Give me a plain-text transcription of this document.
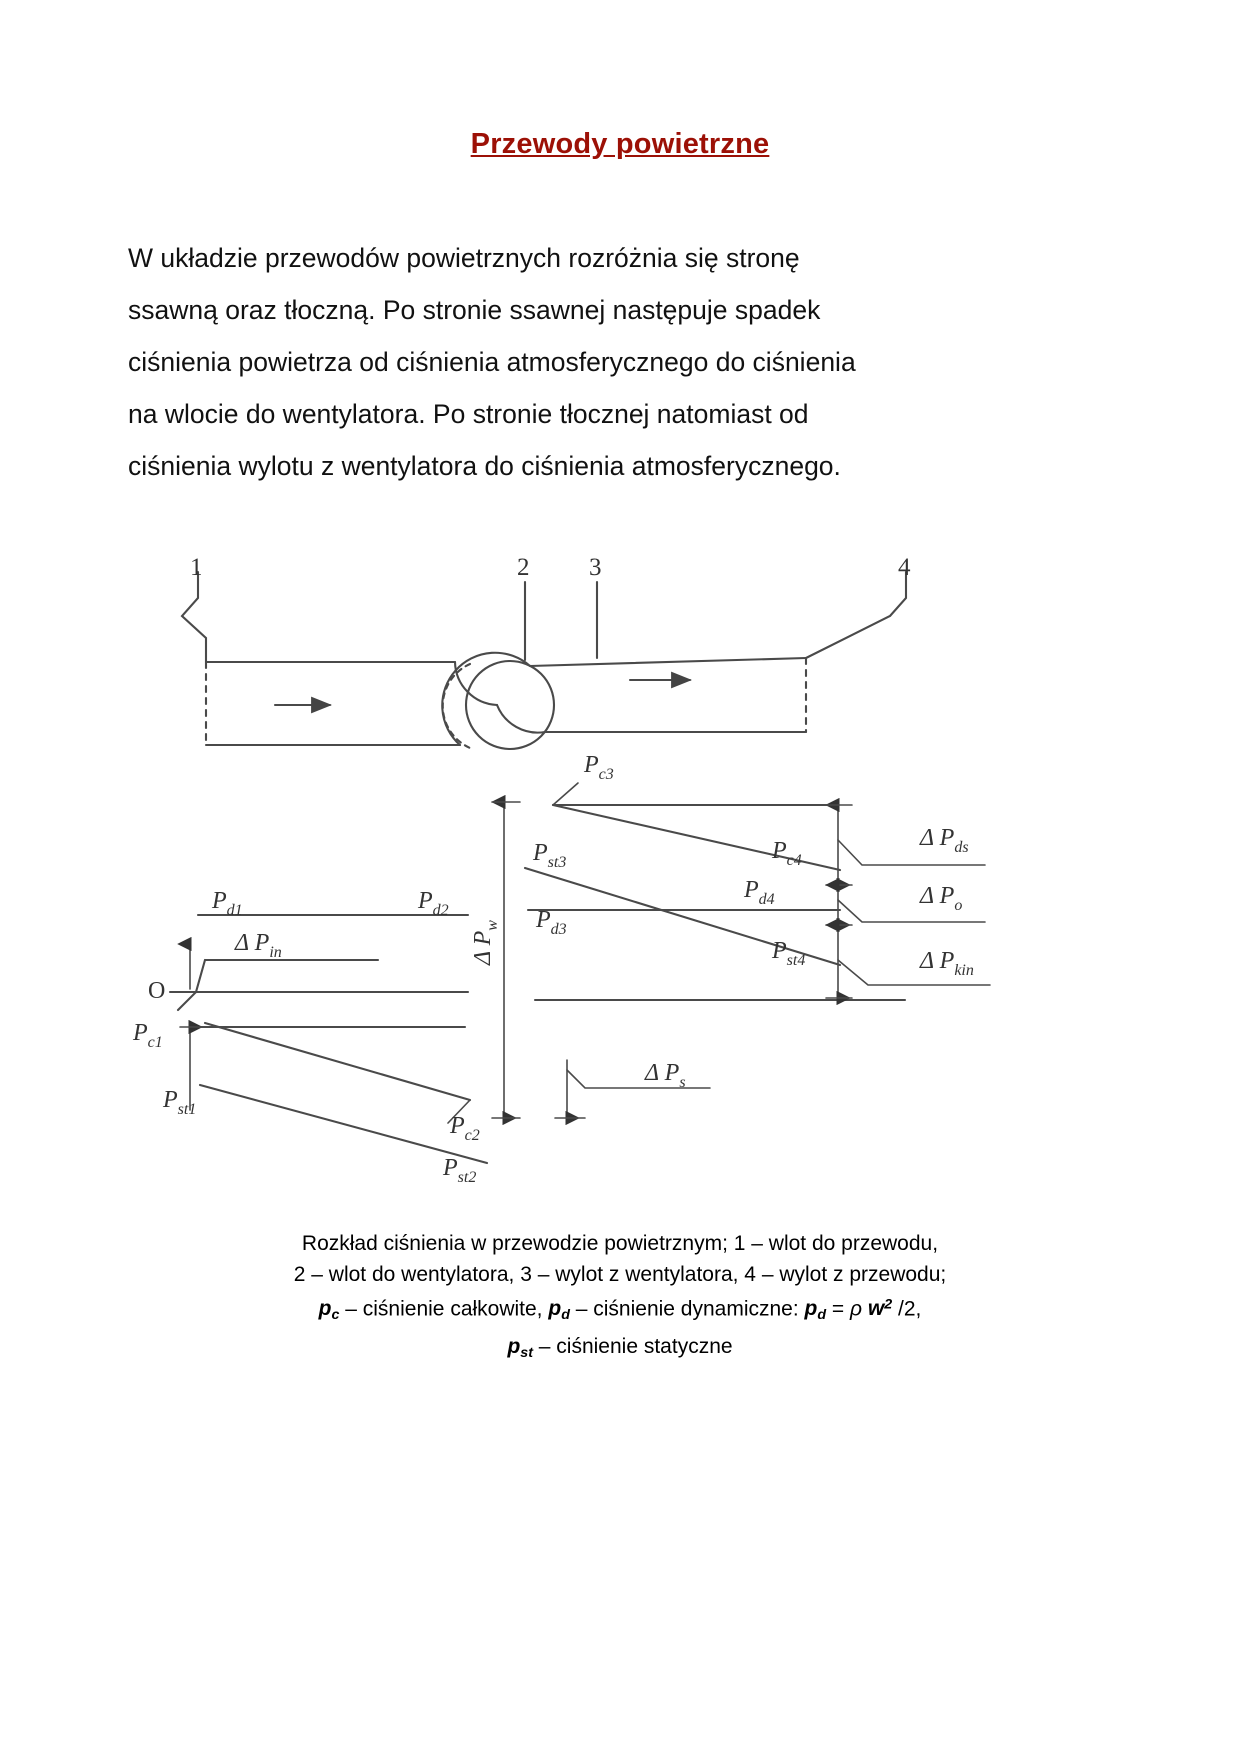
Przewody powietrzne
W układzie przewodów powietrznych rozróżnia się stronę
ssawną oraz tłoczną. Po stronie ssawnej następuje spadek
ciśnienia powietrza od ciśnienia atmosferycznego do ciśnienia
na wlocie do wentylatora. Po stronie tłocznej natomiast od
ciśnienia wylotu z wentylatora do ciśnienia atmosferycznego.
1	2 3	4
O
$P_{c3}$
$P_{st3}$
$P_{d3}$
$P_{c4}$
$P_{d4}$
$P_{st4}$
$P_{d1}$	$P_{d2}$
$P_{c1}$
$P_{st1}$
$P_{c2}$
$P_{st2}$
Δ $P_{in}$	Δ $P_w$
Δ $P_s$
Δ $P_{ds}$
Δ $P_o$
Δ $P_{kin}$
Rozkład ciśnienia w przewodzie powietrznym; 1 – wlot do przewodu,
2 – wlot do wentylatora, 3 – wylot z wentylatora, 4 – wylot z przewodu;
$p_c$ – ciśnienie całkowite, $p_d$ – ciśnienie dynamiczne: $p_d = \rho$ $w^2$ /2,
$p_{st}$ – ciśnienie statyczne
